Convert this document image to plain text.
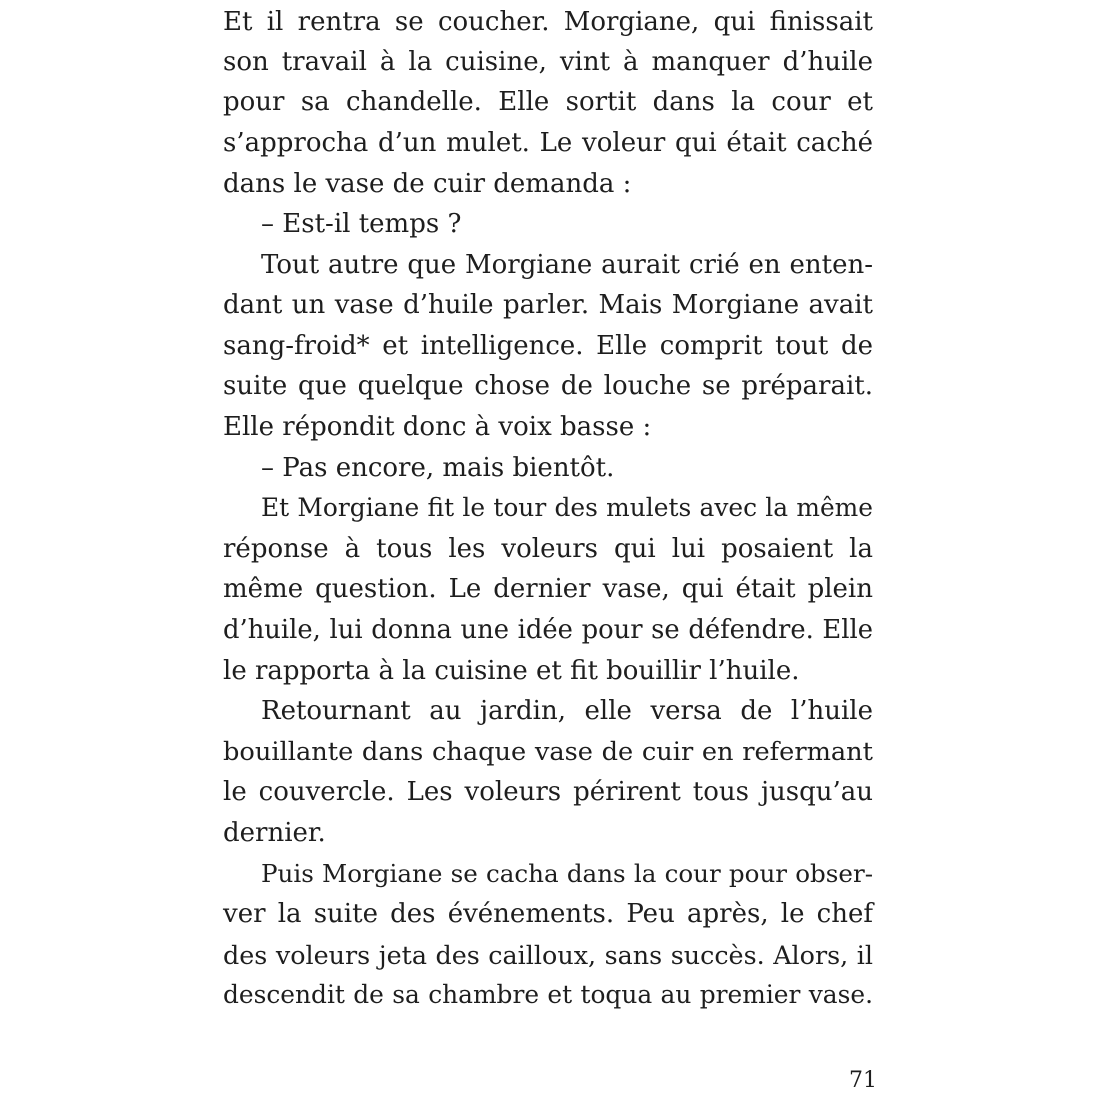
Et il rentra se coucher. Morgiane, qui finissait
son travail à la cuisine, vint à manquer d’huile
pour sa chandelle. Elle sortit dans la cour et
s’approcha d’un mulet. Le voleur qui était caché
dans le vase de cuir demanda :
– Est-il temps ?
Tout autre que Morgiane aurait crié en enten-
dant un vase d’huile parler. Mais Morgiane avait
sang-froid* et intelligence. Elle comprit tout de
suite que quelque chose de louche se préparait.
Elle répondit donc à voix basse :
– Pas encore, mais bientôt.
Et Morgiane fit le tour des mulets avec la même
réponse à tous les voleurs qui lui posaient la
même question. Le dernier vase, qui était plein
d’huile, lui donna une idée pour se défendre. Elle
le rapporta à la cuisine et fit bouillir l’huile.
Retournant au jardin, elle versa de l’huile
bouillante dans chaque vase de cuir en refermant
le couvercle. Les voleurs périrent tous jusqu’au
dernier.
Puis Morgiane se cacha dans la cour pour obser-
ver la suite des événements. Peu après, le chef
des voleurs jeta des cailloux, sans succès. Alors, il
descendit de sa chambre et toqua au premier vase.
71
